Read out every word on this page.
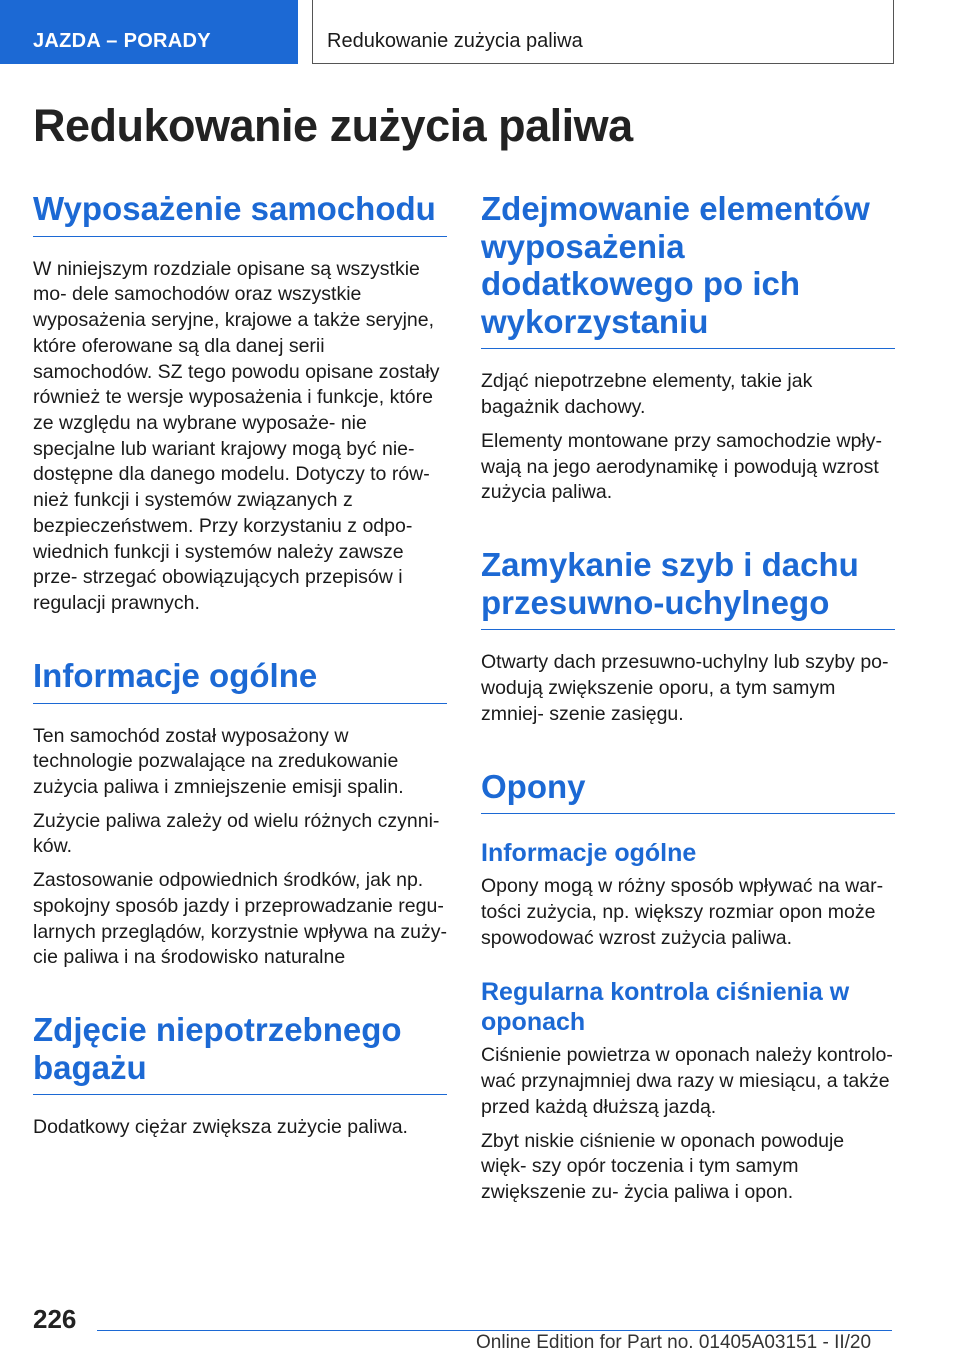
JAZDA – PORADY	Redukowanie zużycia paliwa
Redukowanie zużycia paliwa
Wyposażenie samochodu

W niniejszym rozdziale opisane są wszystkie mo- dele samochodów oraz wszystkie wyposażenia seryjne, krajowe a także seryjne, które oferowane są dla danej serii samochodów. SZ tego powodu opisane zostały również te wersje wyposażenia i funkcje, które ze względu na wybrane wyposaże- nie specjalne lub wariant krajowy mogą być nie- dostępne dla danego modelu. Dotyczy to rów- nież funkcji i systemów związanych z bezpieczeństwem. Przy korzystaniu z odpo- wiednich funkcji i systemów należy zawsze prze- strzegać obowiązujących przepisów i regulacji prawnych.

Informacje ogólne

Ten samochód został wyposażony w technologie pozwalające na zredukowanie zużycia paliwa i zmniejszenie emisji spalin.

Zużycie paliwa zależy od wielu różnych czynni- ków.

Zastosowanie odpowiednich środków, jak np. spokojny sposób jazdy i przeprowadzanie regu- larnych przeglądów, korzystnie wpływa na zuży- cie paliwa i na środowisko naturalne

Zdjęcie niepotrzebnego bagażu

Dodatkowy ciężar zwiększa zużycie paliwa.

Zdejmowanie elementów wyposażenia dodatkowego po ich wykorzystaniu

Zdjąć niepotrzebne elementy, takie jak bagażnik dachowy.

Elementy montowane przy samochodzie wpły- wają na jego aerodynamikę i powodują wzrost zużycia paliwa.

Zamykanie szyb i dachu przesuwno-uchylnego

Otwarty dach przesuwno-uchylny lub szyby po- wodują zwiększenie oporu, a tym samym zmniej- szenie zasięgu.

Opony
Informacje ogólne

Opony mogą w różny sposób wpływać na war- tości zużycia, np. większy rozmiar opon może spowodować wzrost zużycia paliwa.

Regularna kontrola ciśnienia w oponach

Ciśnienie powietrza w oponach należy kontrolo- wać przynajmniej dwa razy w miesiącu, a także przed każdą dłuższą jazdą.

Zbyt niskie ciśnienie w oponach powoduje więk- szy opór toczenia i tym samym zwiększenie zu- życia paliwa i opon.

226
Online Edition for Part no. 01405A03151 - II/20
